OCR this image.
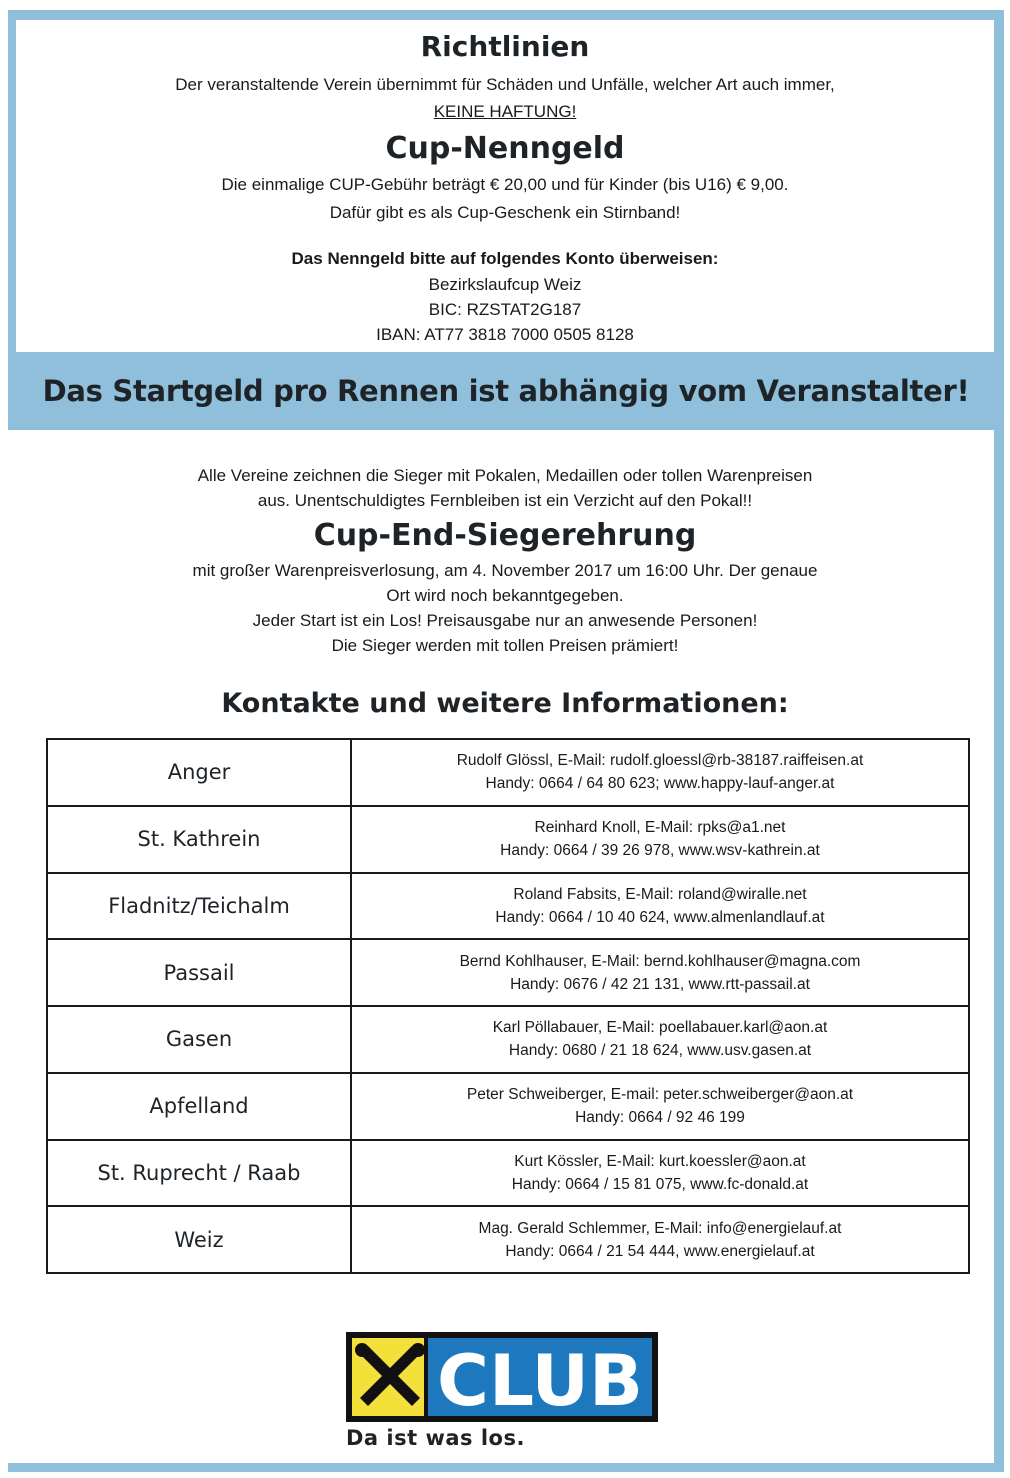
Das Startgeld pro Rennen ist abhängig vom Veranstalter!
Richtlinien
Der veranstaltende Verein übernimmt für Schäden und Unfälle, welcher Art auch immer,
KEINE HAFTUNG!
Cup-Nenngeld
Die einmalige CUP-Gebühr beträgt € 20,00 und für Kinder (bis U16) € 9,00.
Dafür gibt es als Cup-Geschenk ein Stirnband!
Das Nenngeld bitte auf folgendes Konto überweisen:
Bezirkslaufcup Weiz
BIC: RZSTAT2G187
IBAN: AT77 3818 7000 0505 8128
Alle Vereine zeichnen die Sieger mit Pokalen, Medaillen oder tollen Warenpreisen
aus. Unentschuldigtes Fernbleiben ist ein Verzicht auf den Pokal!!
Cup-End-Siegerehrung
mit großer Warenpreisverlosung, am 4. November 2017 um 16:00 Uhr. Der genaue
Ort wird noch bekanntgegeben.
Jeder Start ist ein Los! Preisausgabe nur an anwesende Personen!
Die Sieger werden mit tollen Preisen prämiert!
Kontakte und weitere Informationen:
Anger	Rudolf Glössl, E-Mail: rudolf.gloessl@rb-38187.raiffeisen.at
Handy: 0664 / 64 80 623; www.happy-lauf-anger.at

St. Kathrein	Reinhard Knoll, E-Mail: rpks@a1.net
Handy: 0664 / 39 26 978, www.wsv-kathrein.at

Fladnitz/Teichalm	Roland Fabsits, E-Mail: roland@wiralle.net
Handy: 0664 / 10 40 624, www.almenlandlauf.at

Passail	Bernd Kohlhauser, E-Mail: bernd.kohlhauser@magna.com
Handy: 0676 / 42 21 131, www.rtt-passail.at

Gasen	Karl Pöllabauer, E-Mail: poellabauer.karl@aon.at
Handy: 0680 / 21 18 624, www.usv.gasen.at

Apfelland	Peter Schweiberger, E-mail: peter.schweiberger@aon.at
Handy: 0664 / 92 46 199

St. Ruprecht / Raab	Kurt Kössler, E-Mail: kurt.koessler@aon.at
Handy: 0664 / 15 81 075, www.fc-donald.at

Weiz	Mag. Gerald Schlemmer, E-Mail: info@energielauf.at
Handy: 0664 / 21 54 444, www.energielauf.at
CLUB
Da ist was los.
